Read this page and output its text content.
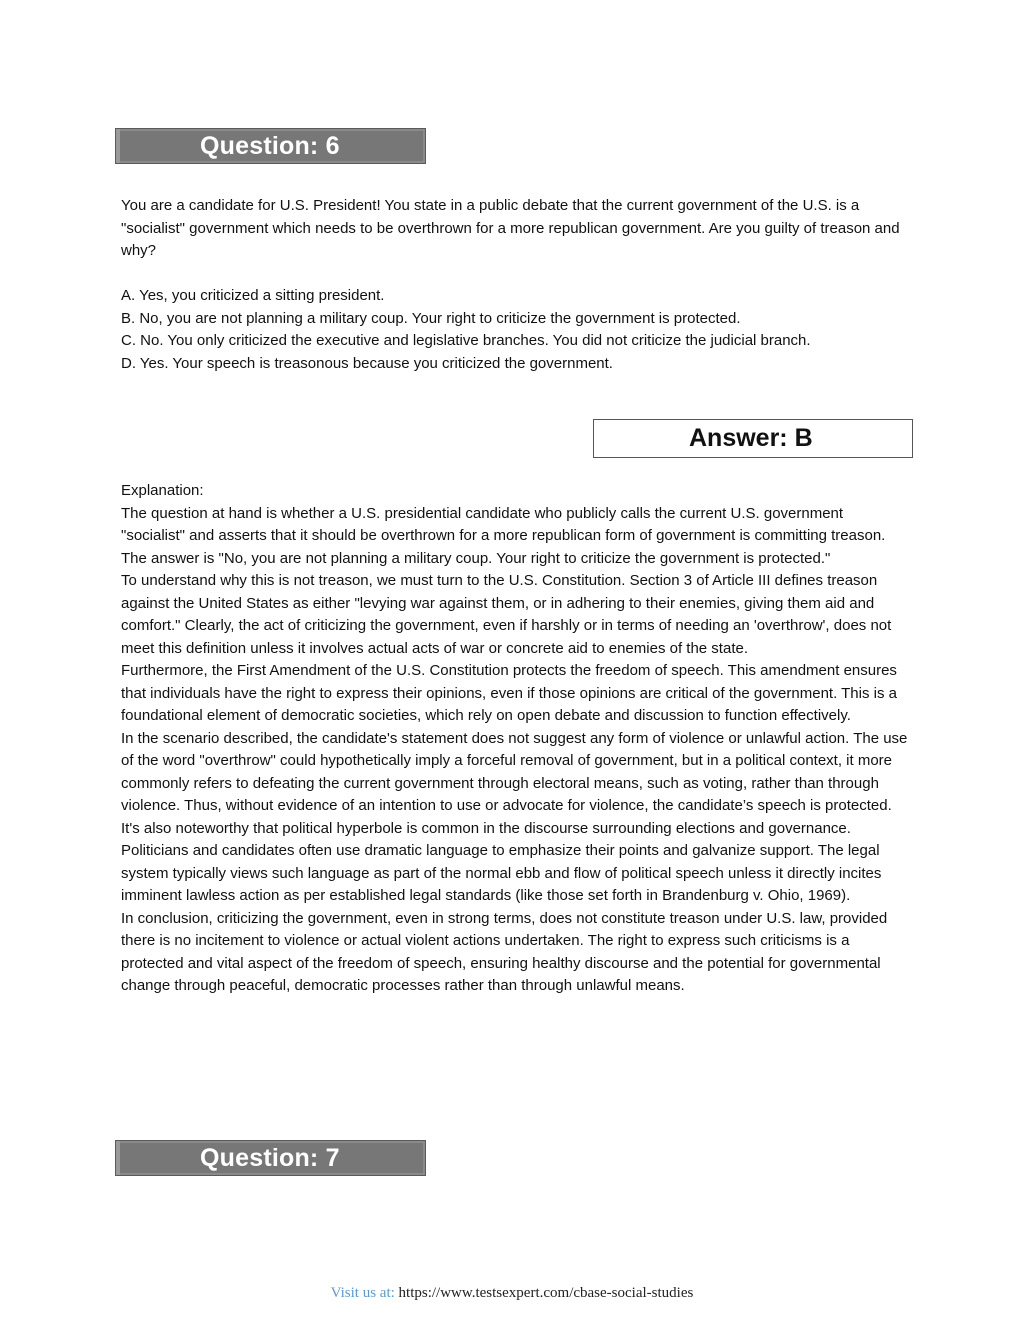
Question: 6

You are a candidate for U.S. President! You state in a public debate that the current government of the U.S. is a "socialist" government which needs to be overthrown for a more republican government. Are you guilty of treason and why?

A. Yes, you criticized a sitting president.

B. No, you are not planning a military coup. Your right to criticize the government is protected.

C. No. You only criticized the executive and legislative branches. You did not criticize the judicial branch.

D. Yes. Your speech is treasonous because you criticized the government.

Answer: B

Explanation:

The question at hand is whether a U.S. presidential candidate who publicly calls the current U.S. government "socialist" and asserts that it should be overthrown for a more republican form of government is committing treason. The answer is "No, you are not planning a military coup. Your right to criticize the government is protected."

To understand why this is not treason, we must turn to the U.S. Constitution. Section 3 of Article III defines treason against the United States as either "levying war against them, or in adhering to their enemies, giving them aid and comfort." Clearly, the act of criticizing the government, even if harshly or in terms of needing an 'overthrow', does not meet this definition unless it involves actual acts of war or concrete aid to enemies of the state.

Furthermore, the First Amendment of the U.S. Constitution protects the freedom of speech. This amendment ensures that individuals have the right to express their opinions, even if those opinions are critical of the government. This is a foundational element of democratic societies, which rely on open debate and discussion to function effectively.

In the scenario described, the candidate's statement does not suggest any form of violence or unlawful action. The use of the word "overthrow" could hypothetically imply a forceful removal of government, but in a political context, it more commonly refers to defeating the current government through electoral means, such as voting, rather than through violence. Thus, without evidence of an intention to use or advocate for violence, the candidate’s speech is protected.

It's also noteworthy that political hyperbole is common in the discourse surrounding elections and governance. Politicians and candidates often use dramatic language to emphasize their points and galvanize support. The legal system typically views such language as part of the normal ebb and flow of political speech unless it directly incites imminent lawless action as per established legal standards (like those set forth in Brandenburg v. Ohio, 1969).

In conclusion, criticizing the government, even in strong terms, does not constitute treason under U.S. law, provided there is no incitement to violence or actual violent actions undertaken. The right to express such criticisms is a protected and vital aspect of the freedom of speech, ensuring healthy discourse and the potential for governmental change through peaceful, democratic processes rather than through unlawful means.

Question: 7
Visit us at: https://www.testsexpert.com/cbase-social-studies
